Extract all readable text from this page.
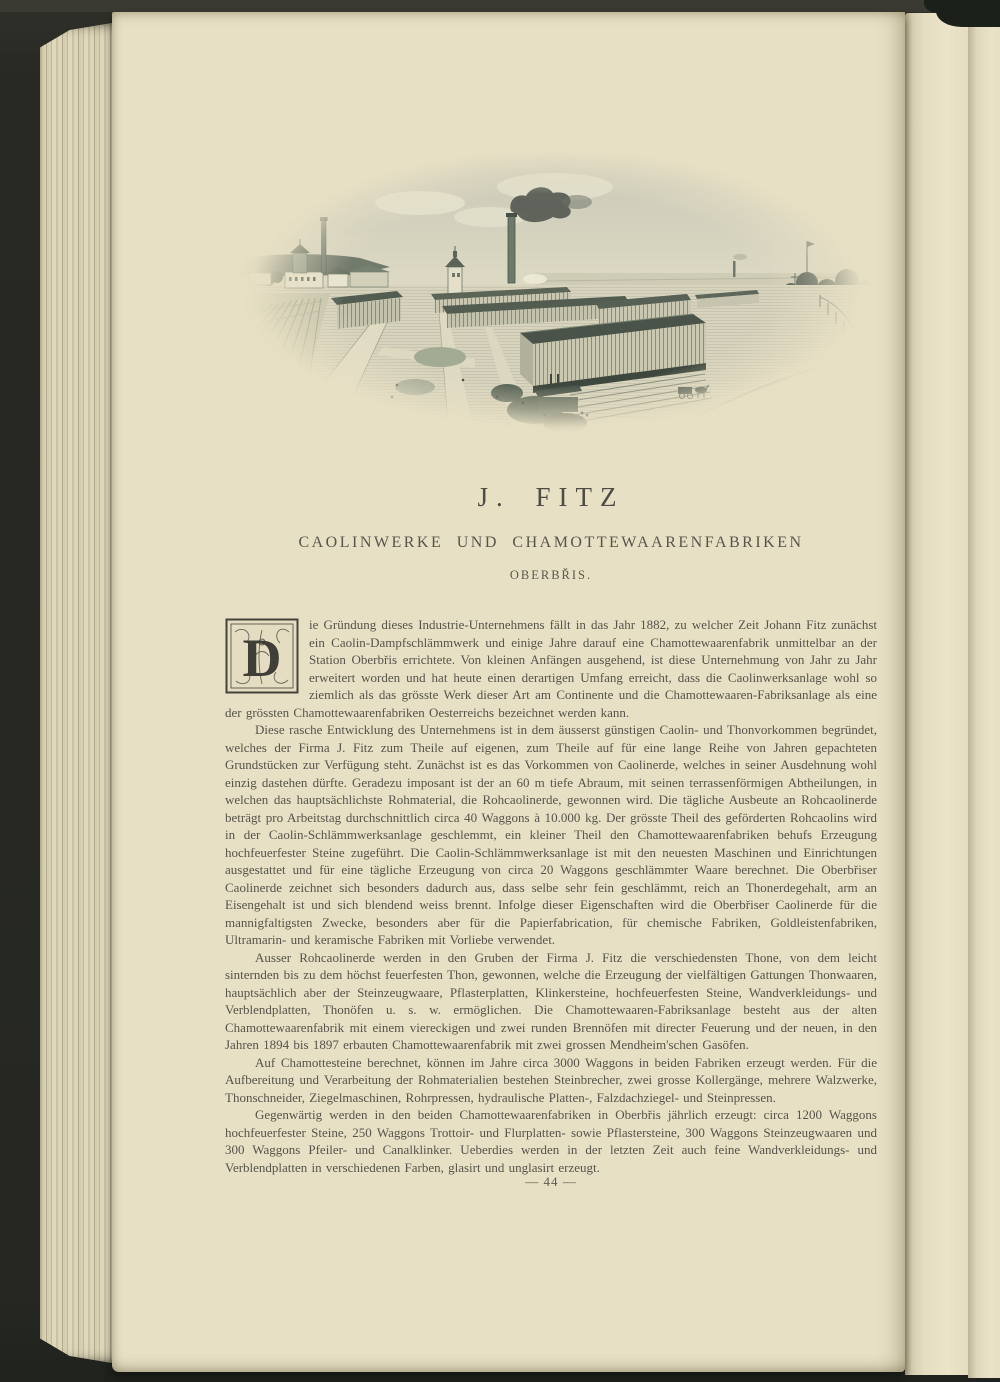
J. FITZ
CAOLINWERKE UND CHAMOTTEWAARENFABRIKEN
OBERBŘIS.

D
ie Gründung dieses Industrie-Unternehmens fällt in das Jahr 1882, zu welcher Zeit Johann Fitz zunächst ein Caolin-Dampfschlämmwerk und einige Jahre darauf eine Chamottewaarenfabrik unmittelbar an der Station Oberbřis errichtete. Von kleinen Anfängen ausgehend, ist diese Unternehmung von Jahr zu Jahr erweitert worden und hat heute einen derartigen Umfang erreicht, dass die Caolinwerksanlage wohl so ziemlich als das grösste Werk dieser Art am Continente und die Chamottewaaren-Fabriksanlage als eine der grössten Chamottewaarenfabriken Oesterreichs bezeichnet werden kann.

Diese rasche Entwicklung des Unternehmens ist in dem äusserst günstigen Caolin- und Thonvorkommen begründet, welches der Firma J. Fitz zum Theile auf eigenen, zum Theile auf für eine lange Reihe von Jahren gepachteten Grundstücken zur Verfügung steht. Zunächst ist es das Vorkommen von Caolinerde, welches in seiner Ausdehnung wohl einzig dastehen dürfte. Geradezu imposant ist der an 60 m tiefe Abraum, mit seinen terrassenförmigen Abtheilungen, in welchen das hauptsächlichste Rohmaterial, die Rohcaolinerde, gewonnen wird. Die tägliche Ausbeute an Rohcaolinerde beträgt pro Arbeitstag durchschnittlich circa 40 Waggons à 10.000 kg. Der grösste Theil des geförderten Rohcaolins wird in der Caolin-Schlämmwerksanlage geschlemmt, ein kleiner Theil den Chamottewaarenfabriken behufs Erzeugung hochfeuerfester Steine zugeführt. Die Caolin-Schlämmwerksanlage ist mit den neuesten Maschinen und Einrichtungen ausgestattet und für eine tägliche Erzeugung von circa 20 Waggons geschlämmter Waare berechnet. Die Oberbřiser Caolinerde zeichnet sich besonders dadurch aus, dass selbe sehr fein geschlämmt, reich an Thonerdegehalt, arm an Eisengehalt ist und sich blendend weiss brennt. Infolge dieser Eigenschaften wird die Oberbřiser Caolinerde für die mannigfaltigsten Zwecke, besonders aber für die Papierfabrication, für chemische Fabriken, Goldleistenfabriken, Ultramarin- und keramische Fabriken mit Vorliebe verwendet.

Ausser Rohcaolinerde werden in den Gruben der Firma J. Fitz die verschiedensten Thone, von dem leicht sinternden bis zu dem höchst feuerfesten Thon, gewonnen, welche die Erzeugung der vielfältigen Gattungen Thonwaaren, hauptsächlich aber der Steinzeugwaare, Pflasterplatten, Klinkersteine, hochfeuerfesten Steine, Wandverkleidungs- und Verblendplatten, Thonöfen u. s. w. ermöglichen. Die Chamottewaaren-Fabriksanlage besteht aus der alten Chamottewaarenfabrik mit einem viereckigen und zwei runden Brennöfen mit directer Feuerung und der neuen, in den Jahren 1894 bis 1897 erbauten Chamottewaarenfabrik mit zwei grossen Mendheim'schen Gasöfen.

Auf Chamottesteine berechnet, können im Jahre circa 3000 Waggons in beiden Fabriken erzeugt werden. Für die Aufbereitung und Verarbeitung der Rohmaterialien bestehen Steinbrecher, zwei grosse Kollergänge, mehrere Walzwerke, Thonschneider, Ziegelmaschinen, Rohrpressen, hydraulische Platten-, Falzdachziegel- und Steinpressen.

Gegenwärtig werden in den beiden Chamottewaarenfabriken in Oberbřis jährlich erzeugt: circa 1200 Waggons hochfeuerfester Steine, 250 Waggons Trottoir- und Flurplatten- sowie Pflastersteine, 300 Waggons Steinzeugwaaren und 300 Waggons Pfeiler- und Canalklinker. Ueberdies werden in der letzten Zeit auch feine Wandverkleidungs- und Verblendplatten in verschiedenen Farben, glasirt und unglasirt erzeugt.

— 44 —
